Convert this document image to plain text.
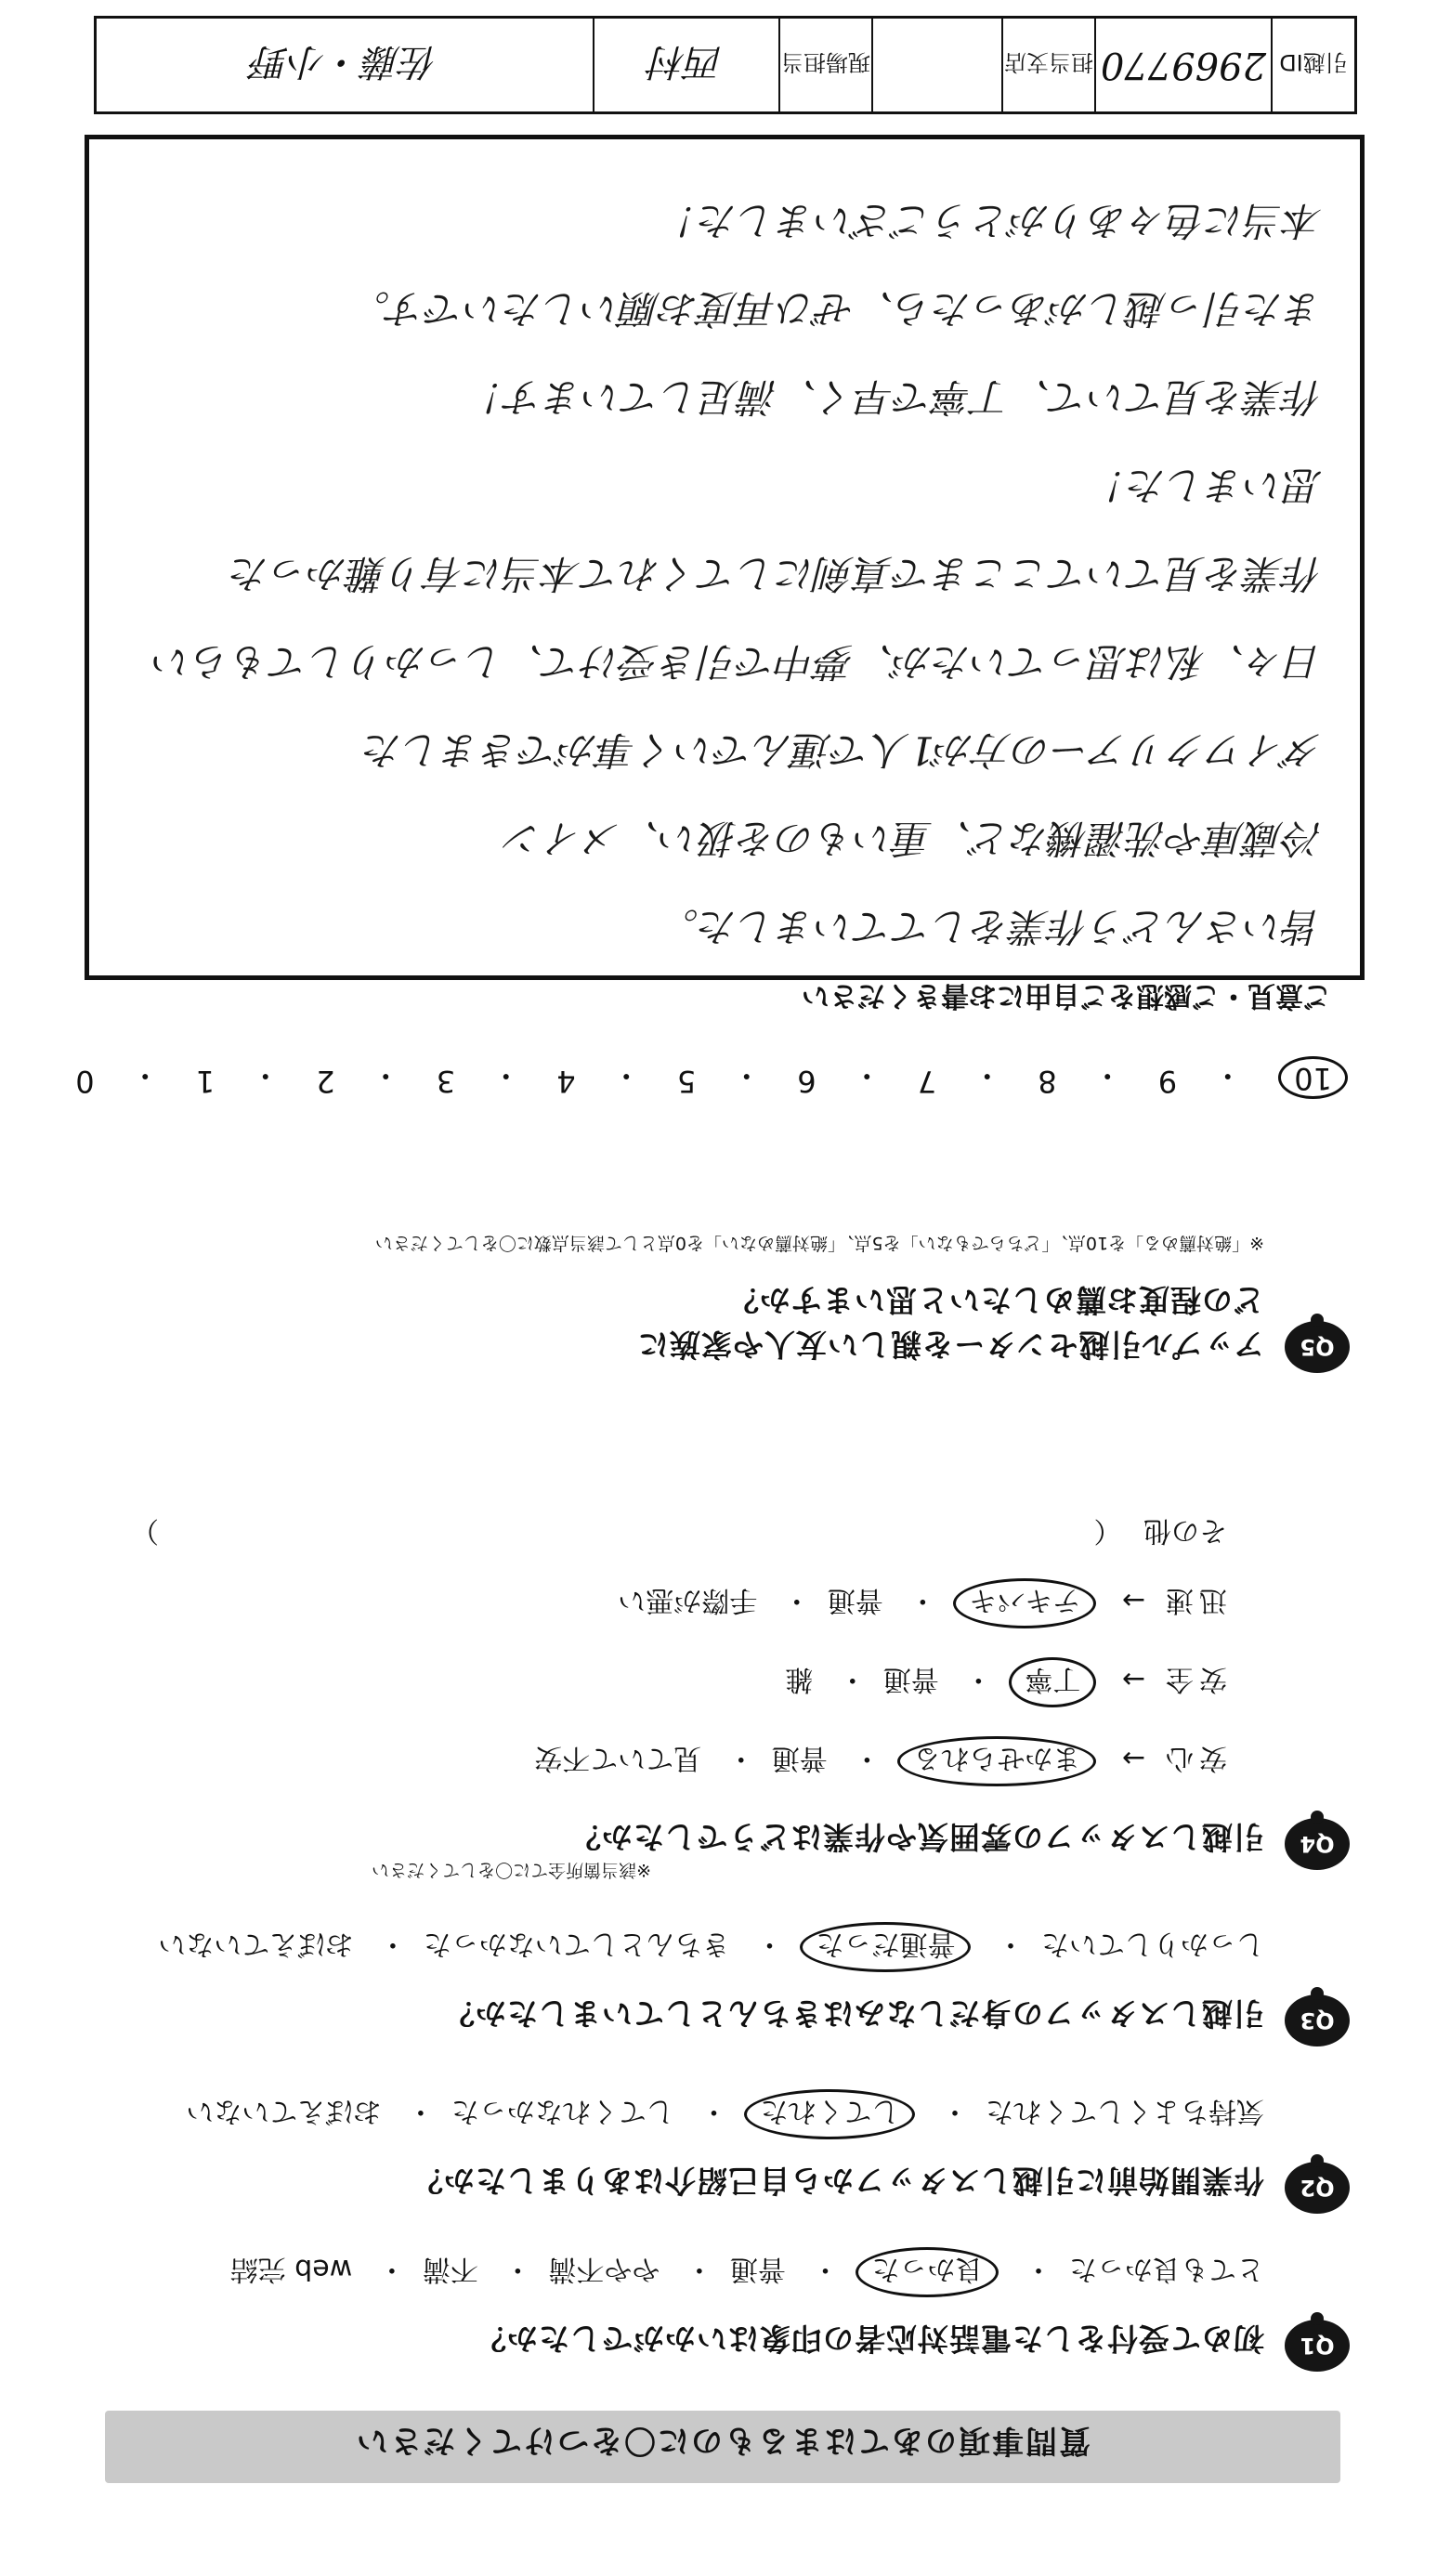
質問事項のあてはまるものに〇をつけてください
Q1
初めて受付をした電話対応者の印象はいかがでしたか？
とても良かった・ 良かった・ 普通・ やや不満・ 不満・ web 完結
Q2
作業開始前に引越しスタッフから自己紹介はありましたか？
気持ちよくしてくれた・ してくれた・ してくれなかった・ おぼえていない
Q3
引越しスタッフの身だしなみはきちんとしていましたか？
しっかりしていた・ 普通だった・ きちんとしていなかった・ おぼえていない
Q4
引越しスタッフの雰囲気や作業はどうでしたか？
※該当箇所全てに〇をしてください
安心→ まかせられる・ 普通・ 見ていて不安
安全→ 丁寧・ 普通・ 雑
迅速→ テキパキ・ 普通・ 手際が悪い
その他 （
）
Q5
アップル引越センターを親しい友人や家族に
どの程度お薦めしたいと思いますか？
※「絶対薦める」を10点、「どちらでもない」を5点、「絶対薦めない」を0点として該当点数に〇をしてください
10
・
9
・
8
・
7
・
6
・
5
・
4
・
3
・
2
・
1
・
0
ご意見・ご感想をご自由にお書きください
皆いさんどう作業をしてていました。
冷蔵庫や洗濯機など、重いものを扱い、メイン
ダイワクリアーの方が1人で運んでいく事ができました
日々、私は思っていたが、夢中で引き受けて、しっかりしてもらい
作業を見ていてここまで真剣にしてくれて本当に有り難かった
思いました！
作業を見ていて、丁寧で早く、満足しています！
また引っ越しがあったら、ぜひ再度お願いしたいです。
本当に色々ありがとうございました！
引越ID
2969770
担当支店
現場担当
西村
佐藤・小野
